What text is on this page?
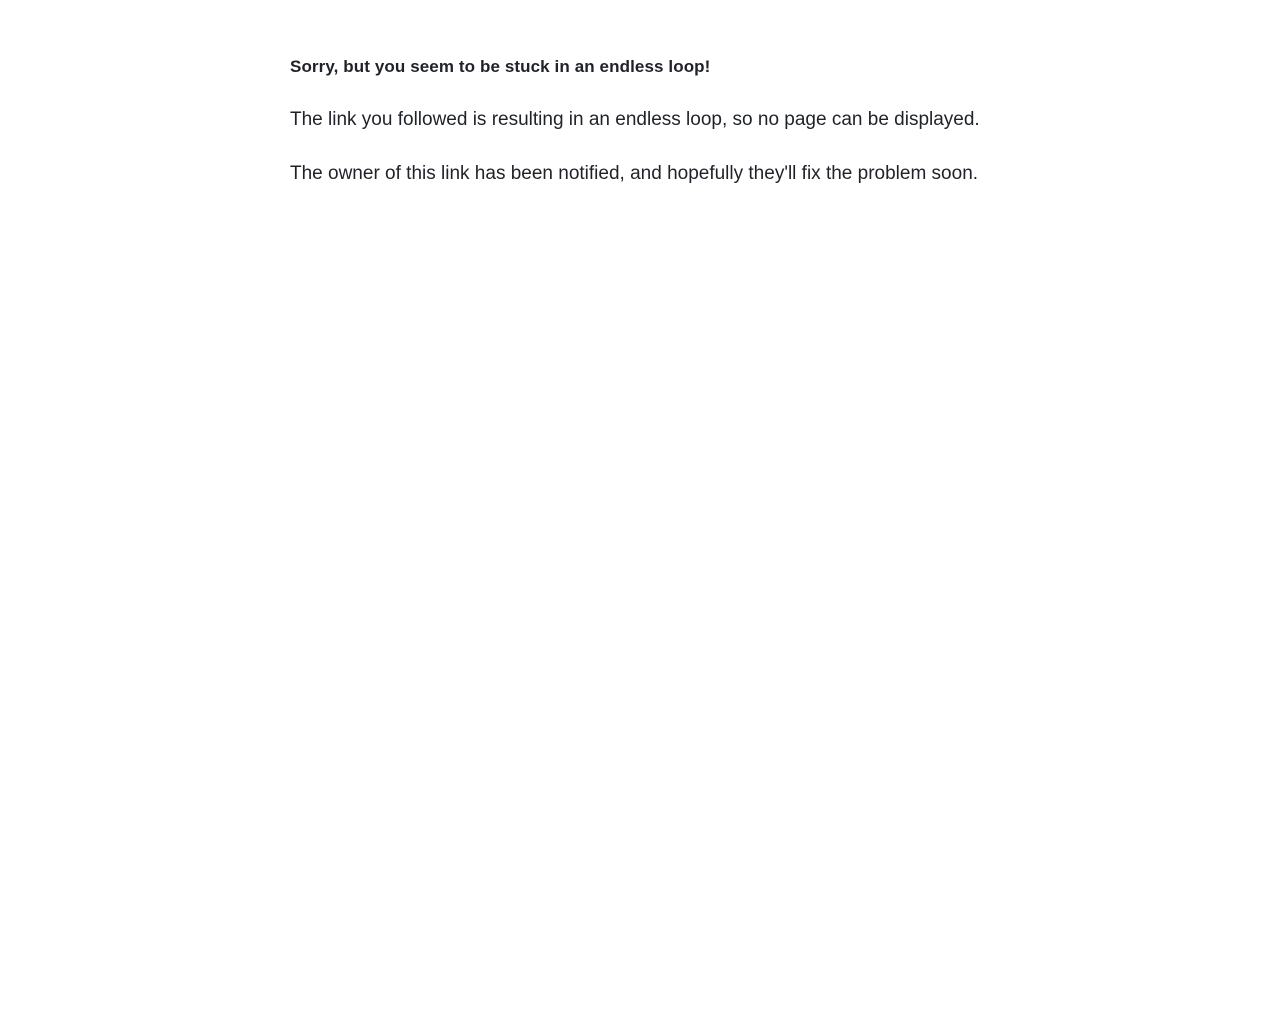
Sorry, but you seem to be stuck in an endless loop!

The link you followed is resulting in an endless loop, so no page can be displayed.

The owner of this link has been notified, and hopefully they'll fix the problem soon.
